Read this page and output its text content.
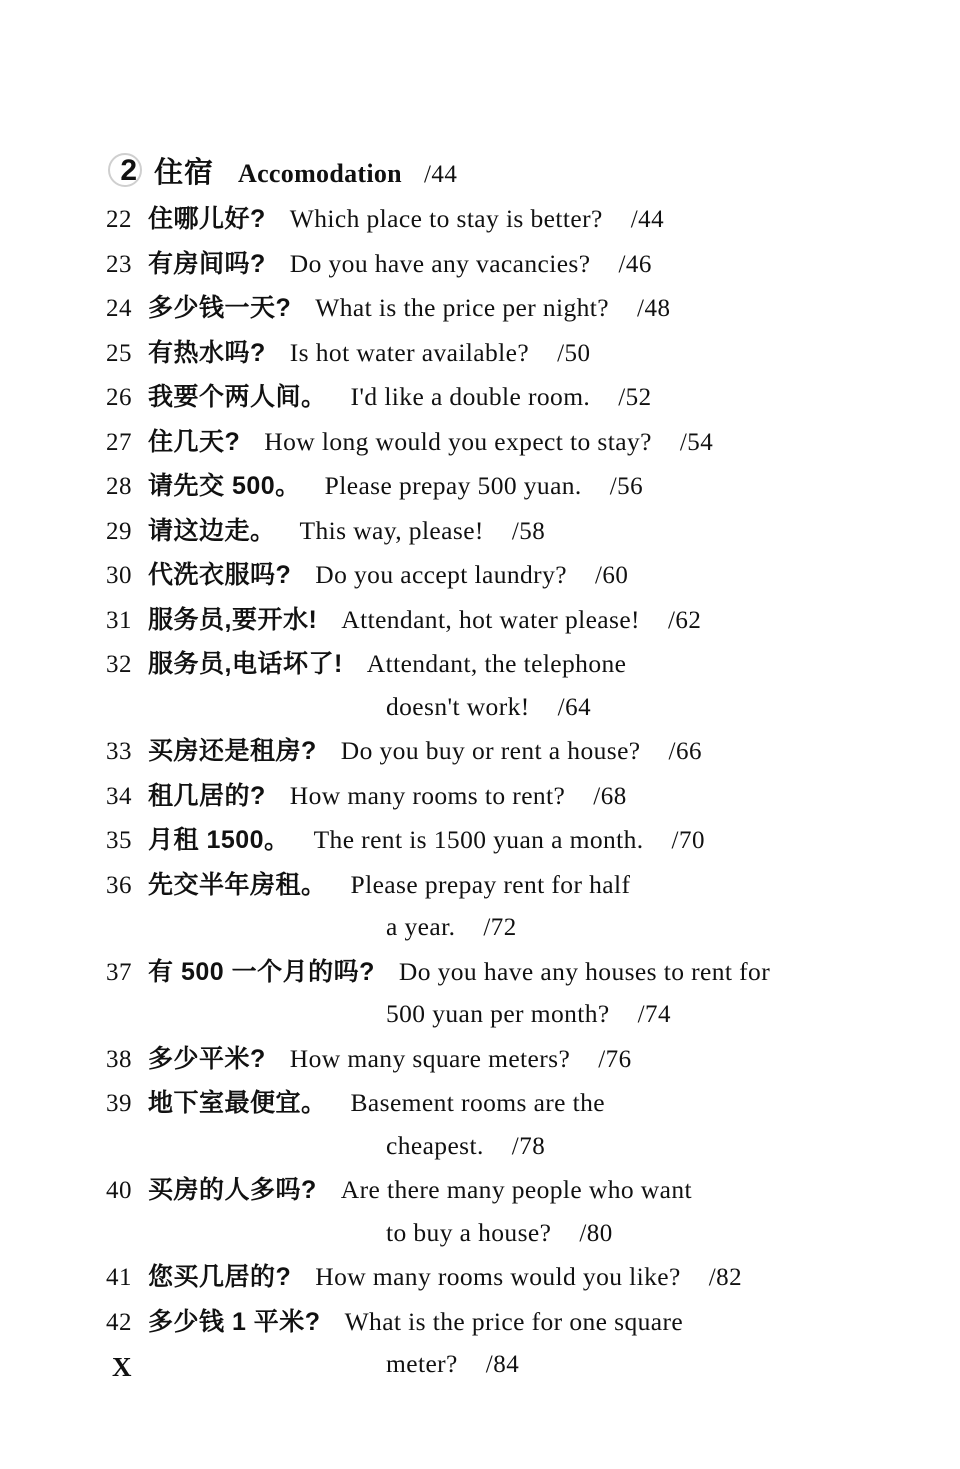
2 住宿 Accomodation /44
22 住哪儿好? Which place to stay is better? /44
23 有房间吗? Do you have any vacancies? /46
24 多少钱一天? What is the price per night? /48
25 有热水吗? Is hot water available? /50
26 我要个两人间。 I'd like a double room. /52
27 住几天? How long would you expect to stay? /54
28 请先交 500。 Please prepay 500 yuan. /56
29 请这边走。 This way, please! /58
30 代洗衣服吗? Do you accept laundry? /60
31 服务员,要开水! Attendant, hot water please! /62
32 服务员,电话坏了! Attendant, the telephone
doesn't work! /64
33 买房还是租房? Do you buy or rent a house? /66
34 租几居的? How many rooms to rent? /68
35 月租 1500。 The rent is 1500 yuan a month. /70
36 先交半年房租。 Please prepay rent for half
a year. /72
37 有 500 一个月的吗? Do you have any houses to rent for
500 yuan per month? /74
38 多少平米? How many square meters? /76
39 地下室最便宜。 Basement rooms are the
cheapest. /78
40 买房的人多吗? Are there many people who want
to buy a house? /80
41 您买几居的? How many rooms would you like? /82
42 多少钱 1 平米? What is the price for one square
meter? /84
X
